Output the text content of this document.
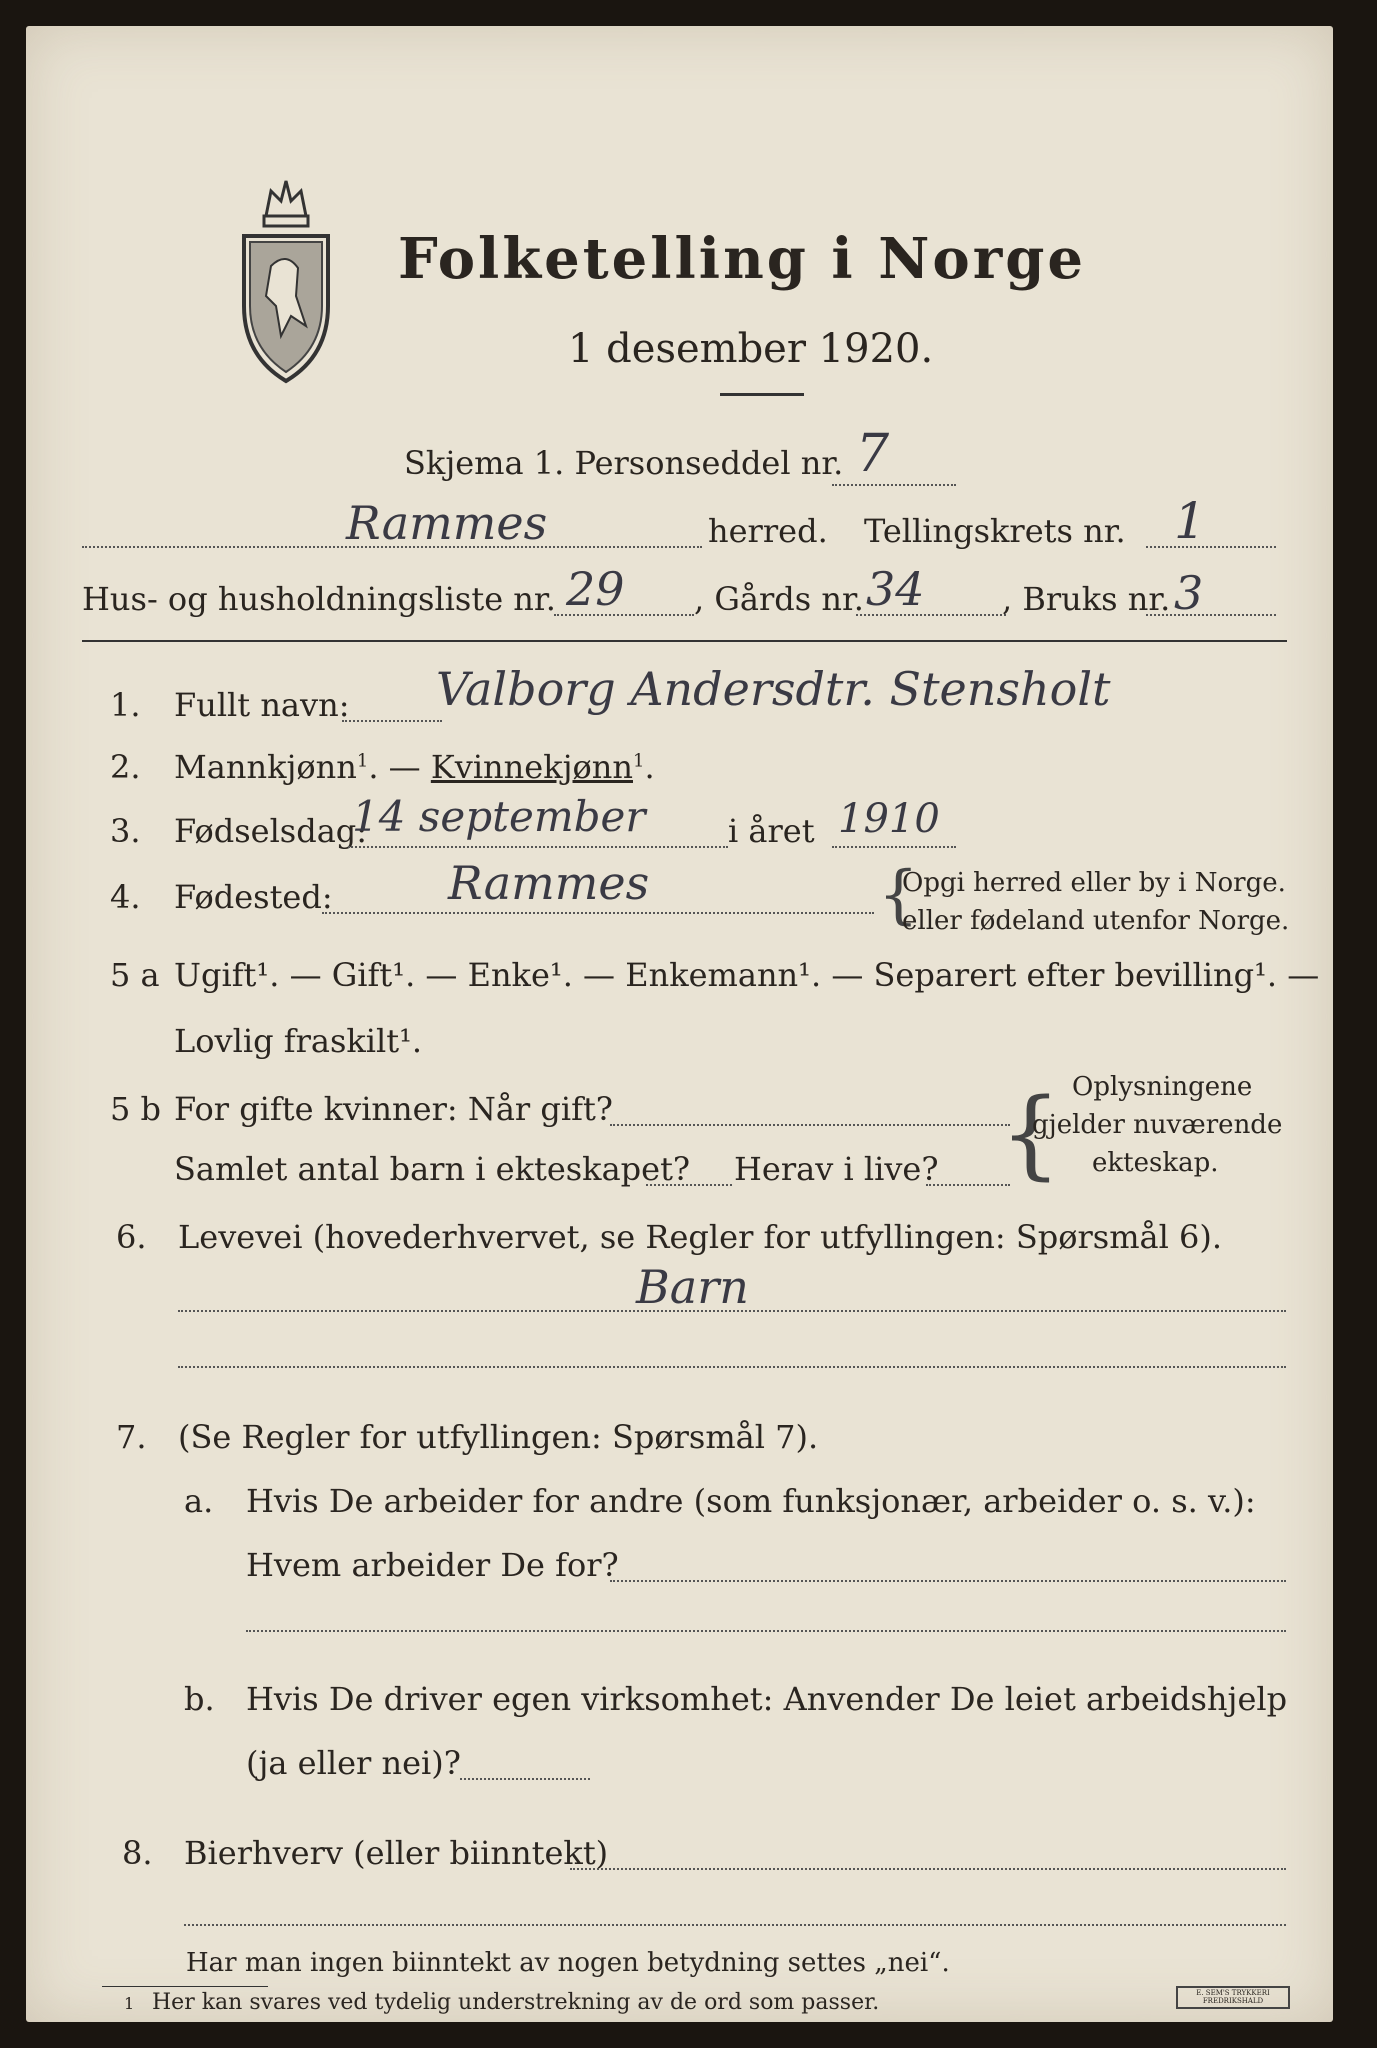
Folketelling i Norge
1 desember 1920.
Skjema 1. Personseddel nr. 7
Rammes	herred. Tellingskrets nr. 1
Hus- og husholdningsliste nr. 29 , Gårds nr. 34 , Bruks nr. 3
1. Fullt navn: Valborg Andersdtr. Stensholt
2. Mannkjønn$^1$. — Kvinnekjønn$^1$.
3. Fødselsdag:
14 september	i året 1910
4. Fødested:	Rammes	{
Opgi herred eller by i Norge.
eller fødeland utenfor Norge.
5 a Ugift¹. — Gift¹. — Enke¹. — Enkemann¹. — Separert efter bevilling¹. —
Lovlig fraskilt¹.
5 b For gifte kvinner: Når gift?
Samlet antal barn i ekteskapet? Herav i live? { Oplysningene
gjelder nuværende
ekteskap.
6. Levevei (hovederhvervet, se Regler for utfyllingen: Spørsmål 6).
Barn
7. (Se Regler for utfyllingen: Spørsmål 7).
a. Hvis De arbeider for andre (som funksjonær, arbeider o. s. v.):
Hvem arbeider De for?
b. Hvis De driver egen virksomhet: Anvender De leiet arbeidshjelp
(ja eller nei)?
8. Bierhverv (eller biinntekt)
Har man ingen biinntekt av nogen betydning settes „nei“.
1 Her kan svares ved tydelig understrekning av de ord som passer.	E. SEM'S TRYKKERI FREDRIKSHALD
